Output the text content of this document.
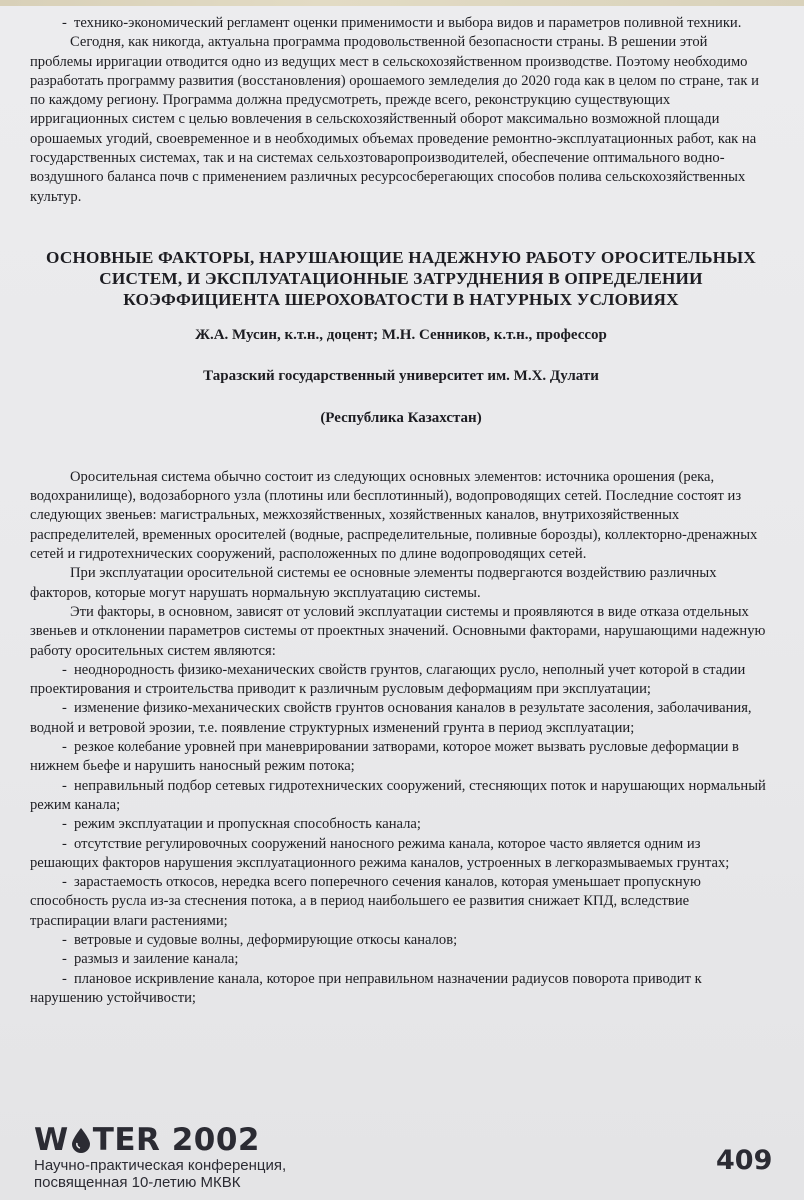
- технико-экономический регламент оценки применимости и выбора видов и параметров поливной техники.

Сегодня, как никогда, актуальна программа продовольственной безопасности страны. В решении этой проблемы ирригации отводится одно из ведущих мест в сельскохозяйственном производстве. Поэтому необходимо разработать программу развития (восстановления) орошаемого земледелия до 2020 года как в целом по стране, так и по каждому региону. Программа должна предусмотреть, прежде всего, реконструкцию существующих ирригационных систем с целью вовлечения в сельскохозяйственный оборот максимально возможной площади орошаемых угодий, своевременное и в необходимых объемах проведение ремонтно-эксплуатационных работ, как на государственных системах, так и на системах сельхозтоваропроизводителей, обеспечение оптимального водно-воздушного баланса почв с применением различных ресурсосберегающих способов полива сельскохозяйственных культур.

ОСНОВНЫЕ ФАКТОРЫ, НАРУШАЮЩИЕ НАДЕЖНУЮ РАБОТУ ОРОСИТЕЛЬНЫХ
СИСТЕМ, И ЭКСПЛУАТАЦИОННЫЕ ЗАТРУДНЕНИЯ В ОПРЕДЕЛЕНИИ
КОЭФФИЦИЕНТА ШЕРОХОВАТОСТИ В НАТУРНЫХ УСЛОВИЯХ

Ж.А. Мусин, к.т.н., доцент; М.Н. Сенников, к.т.н., профессор

Таразский государственный университет им. М.Х. Дулати

(Республика Казахстан)

Оросительная система обычно состоит из следующих основных элементов: источника орошения (река, водохранилище), водозаборного узла (плотины или бесплотинный), водопроводящих сетей. Последние состоят из следующих звеньев: магистральных, межхозяйственных, хозяйственных каналов, внутрихозяйственных распределителей, временных оросителей (водные, распределительные, поливные борозды), коллекторно-дренажных сетей и гидротехнических сооружений, расположенных по длине водопроводящих сетей.

При эксплуатации оросительной системы ее основные элементы подвергаются воздействию различных факторов, которые могут нарушать нормальную эксплуатацию системы.

Эти факторы, в основном, зависят от условий эксплуатации системы и проявляются в виде отказа отдельных звеньев и отклонении параметров системы от проектных значений. Основными факторами, нарушающими надежную работу оросительных систем являются:

- неоднородность физико-механических свойств грунтов, слагающих русло, неполный учет которой в стадии проектирования и строительства приводит к различным русловым деформациям при эксплуатации;

- изменение физико-механических свойств грунтов основания каналов в результате засоления, заболачивания, водной и ветровой эрозии, т.е. появление структурных изменений грунта в период эксплуатации;

- резкое колебание уровней при маневрировании затворами, которое может вызвать русловые деформации в нижнем бьефе и нарушить наносный режим потока;

- неправильный подбор сетевых гидротехнических сооружений, стесняющих поток и нарушающих нормальный режим канала;

- режим эксплуатации и пропускная способность канала;

- отсутствие регулировочных сооружений наносного режима канала, которое часто является одним из решающих факторов нарушения эксплуатационного режима каналов, устроенных в легкоразмываемых грунтах;

- зарастаемость откосов, нередка всего поперечного сечения каналов, которая уменьшает пропускную способность русла из-за стеснения потока, а в период наибольшего ее развития снижает КПД, вследствие траспирации влаги растениями;

- ветровые и судовые волны, деформирующие откосы каналов;

- размыз и заиление канала;

- плановое искривление канала, которое при неправильном назначении радиусов поворота приводит к нарушению устойчивости;

W TER 2002
Научно-практическая конференция,
посвященная 10-летию МКВК
409
